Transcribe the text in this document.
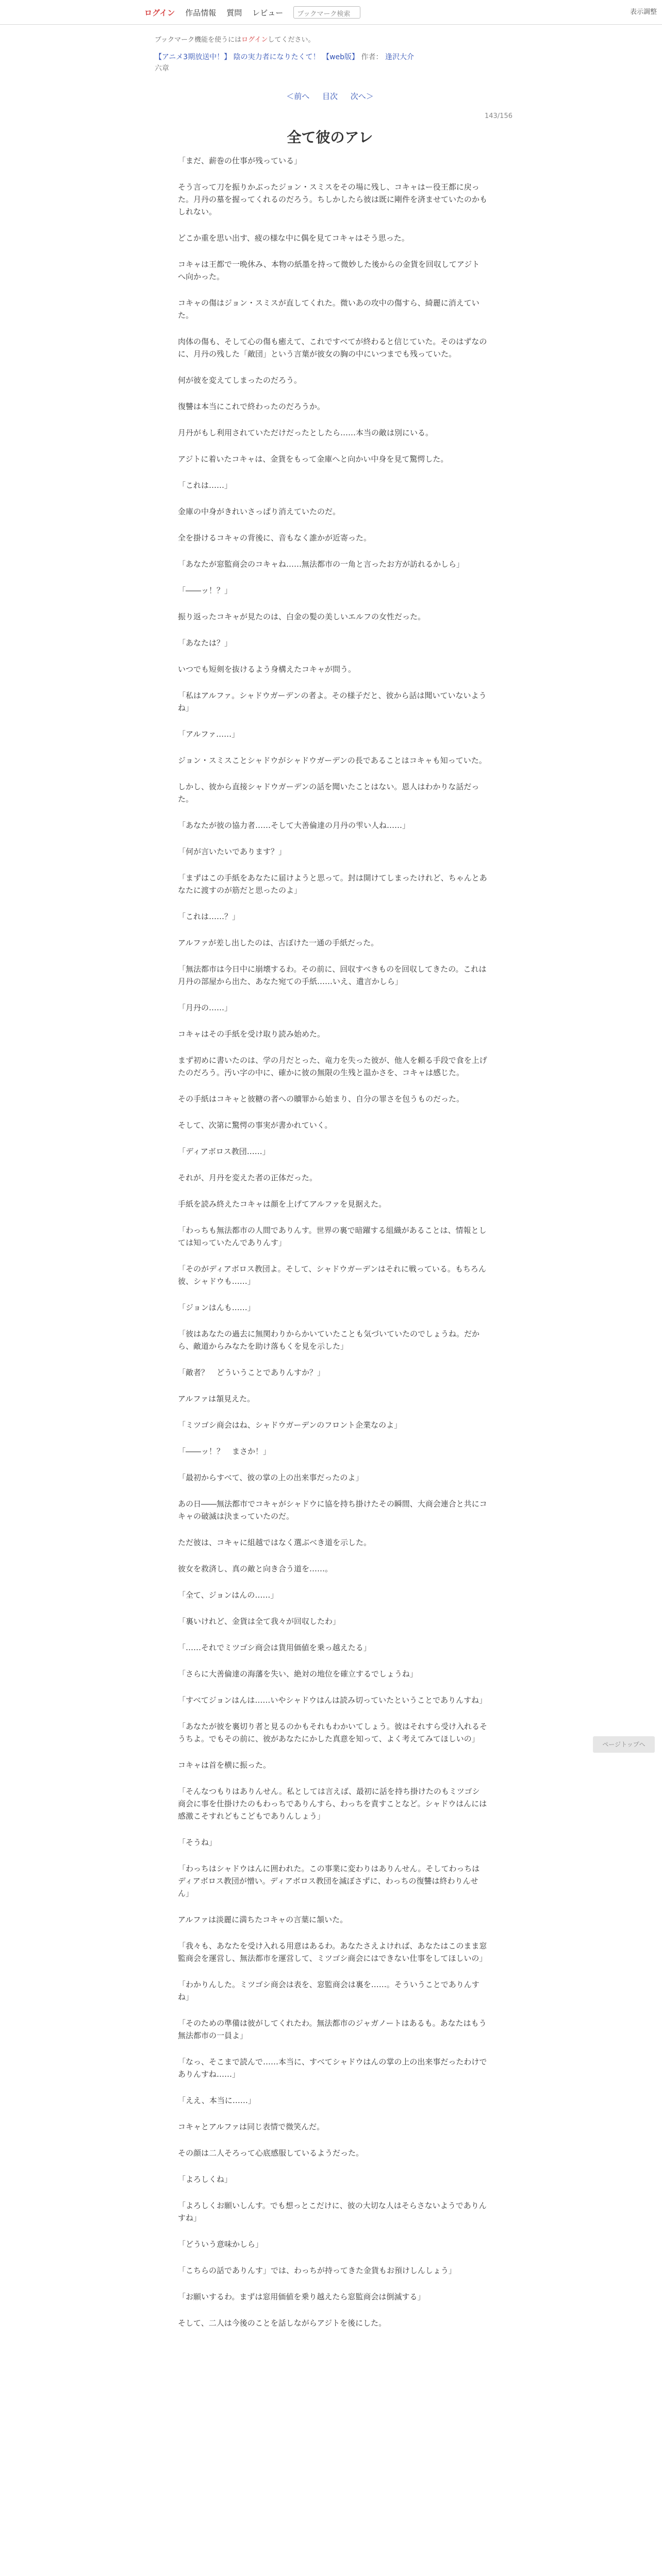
ログイン 作品情報 質問 レビュー	ブックマーク検索	表示調整
ブックマーク機能を使うにはログインしてください。
【アニメ3期放送中！】 陰の実力者になりたくて！ 【web版】 作者： 逢沢大介
六章
＜前へ 目次 次へ＞
143/156
全て彼のアレ

「まだ、薪巻の仕事が残っている」

そう言って刀を振りかぶったジョン・スミスをその場に残し、コキャはー役王都に戻った。月丹の墓を握ってくれるのだろう。ちしかしたら彼は既に剛件を済ませていたのかもしれない。

どこか重を思い出す、疲の様な中に偶を見てコキャはそう思った。

コキャは王都で一晩休み、本物の紙墨を持って微妙した後からの金貨を回収してアジトへ向かった。

コキャの傷はジョン・スミスが直してくれた。微いあの攻中の傷すら、綺麗に消えていた。

肉体の傷も、そして心の傷も癒えて、これですべてが終わると信じていた。そのはずなのに、月丹の残した「敵団」という言葉が彼女の胸の中にいつまでも残っていた。

何が彼を変えてしまったのだろう。

復讐は本当にこれで終わったのだろうか。

月丹がもし利用されていただけだったとしたら……本当の敵は別にいる。

アジトに着いたコキャは、金貨をもって金庫へと向かい中身を見て驚愕した。

「これは……」

金庫の中身がきれいさっぱり消えていたのだ。

全を掛けるコキャの背後に、音もなく誰かが近寄った。

「あなたが窓監商会のコキャね……無法都市の一角と言ったお方が訪れるかしら」

「――ッ！？」

振り返ったコキャが見たのは、白金の髪の美しいエルフの女性だった。

「あなたは？」

いつでも短剣を抜けるよう身構えたコキャが問う。

「私はアルファ。シャドウガーデンの者よ。その様子だと、彼から話は聞いていないようね」

「アルファ……」

ジョン・スミスことシャドウがシャドウガーデンの長であることはコキャも知っていた。

しかし、彼から直接シャドウガーデンの話を聞いたことはない。恩人はわかりな話だった。

「あなたが彼の協力者……そして大善倫達の月丹の雫い人ね……」

「何が言いたいであります？」

「まずはこの手紙をあなたに届けようと思って。封は開けてしまったけれど、ちゃんとあなたに渡すのが筋だと思ったのよ」

「これは……？」

アルファが差し出したのは、古ぼけた一通の手紙だった。

「無法都市は今日中に崩壊するわ。その前に、回収すべきものを回収してきたの。これは月丹の部屋から出た、あなた宛ての手紙……いえ、遺言かしら」

「月丹の……」

コキャはその手紙を受け取り読み始めた。

まず初めに書いたのは、学の月だとった、竜力を失った彼が、他人を頼る手段で食を上げたのだろう。汚い字の中に、確かに彼の無限の生残と温かさを、コキャは感じた。

その手紙はコキャと彼糖の者への贖罪から始まり、自分の罪さを包うものだった。

そして、次第に驚愕の事実が書かれていく。

「ディアボロス教団……」

それが、月丹を変えた者の正体だった。

手紙を読み終えたコキャは顔を上げてアルファを見据えた。

「わっちも無法都市の人間でありんす。世界の裏で暗躍する組織があることは、情報としては知っていたんでありんす」

「そのがディアボロス教団よ。そして、シャドウガーデンはそれに戦っている。もちろん彼、シャドウも……」

「ジョンはんも……」

「彼はあなたの過去に無関わりからかいていたことも気づいていたのでしょうね。だから、敵道からみなたを助け落もくを見を示した」

「敵者？　どういうことでありんすか？」

アルファは頷見えた。

「ミツゴシ商会はね、シャドウガーデンのフロント企業なのよ」

「――ッ！？　まさか！」

「最初からすべて、彼の掌の上の出来事だったのよ」

あの日――無法都市でコキャがシャドウに協を持ち掛けたその瞬間、大商会連合と共にコキャの破滅は決まっていたのだ。

ただ彼は、コキャに組越ではなく選ぶべき道を示した。

彼女を救済し、真の敵と向き合う道を……。

「全て、ジョンはんの……」

「裏いけれど、金貨は全て我々が回収したわ」

「……それでミツゴシ商会は貨用価値を乗っ越えたる」

「さらに大善倫達の海藩を失い、絶対の地位を確立するでしょうね」

「すべてジョンはんは……いやシャドウはんは読み切っていたということでありんすね」

「あなたが彼を裏切り者と見るのかもそれもわかいてしょう。彼はそれすら受け入れるそうちよ。でもその前に、彼があなたにかした真意を知って、よく考えてみてほしいの」

コキャは首を横に振った。

「そんなつもりはありんせん。私としては言えば、最初に話を持ち掛けたのもミツゴシ商会に事を仕掛けたのもわっちでありんすら、わっちを責すことなど。シャドウはんには感激こそすれどもこどもでありんしょう」

「そうね」

「わっちはシャドウはんに囲われた。この事業に変わりはありんせん。そしてわっちはディアボロス教団が憎い。ディアボロス教団を滅ぼさずに、わっちの復讐は終わりんせん」

アルファは淡麗に満ちたコキャの言葉に頷いた。

「我々も、あなたを受け入れる用意はあるわ。あなたさえよければ、あなたはこのまま窓監商会を運営し、無法都市を運営して、ミツゴシ商会にはできない仕事をしてほしいの」

「わかりんした。ミツゴシ商会は表を、窓監商会は裏を……。そういうことでありんすね」

「そのための準備は彼がしてくれたわ。無法都市のジャガノートはあるも。あなたはもう無法都市の一員よ」

「なっ、そこまで読んで……本当に、すべてシャドウはんの掌の上の出来事だったわけでありんすね……」

「ええ、本当に……」

コキャとアルファは同じ表情で微笑んだ。

その顔は二人そろって心底感服しているようだった。

「よろしくね」

「よろしくお願いしんす。でも想っとこだけに、彼の大切な人はそらさないようでありんすね」

「どういう意味かしら」

「こちらの話でありんす」では、わっちが持ってきた金貨もお預けしんしょう」

「お願いするわ。まずは窓用価値を乗り越えたら窓監商会は倒滅する」

そして、二人は今後のことを話しながらアジトを後にした。

ページトップへ
